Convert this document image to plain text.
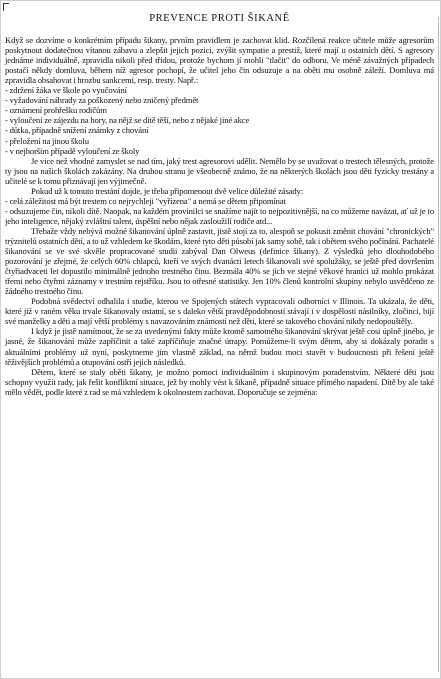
PREVENCE PROTI ŠIKANĚ

Když se dozvíme o konkrétním případu šikany, prvním pravidlem je zachovat klid. Rozčílená reakce učitele může agresorům poskytnout dodatečnou vítanou zábavu a zlepšit jejich pozici, zvýšit sympatie a prestiž, které mají u ostatních dětí. S agresory jednáme individuálně, zpravidla nikoli před třídou, protože bychom jí mohli "tlačit" do odboru. Ve méně závažných případech postačí někdy domluva, během níž agresor pochopí, že učitel jeho čin odsuzuje a na oběti mu osobně záleží. Domluva má zpravidla obsahovat i hrozbu sankcemi, resp. tresty. Např.:

- zdržení žáka ve škole po vyučování
- vyžadování náhrady za poškozený nebo zničený předmět
- oznámení prohřešku rodičům
- vyloučení ze zájezdu na hory, na nějž se dítě těší, nebo z nějaké jiné akce
- důtka, případně snížení známky z chování
- přeložení na jinou školu
- v nejhorším případě vyloučení ze školy

Je více než vhodné zamyslet se nad tím, jaký trest agresorovi udělit. Nemělo by se uvažovat o trestech tělesných, protože ty jsou na našich školách zakázány. Na druhou stranu je všeobecně známo, že na některých školách jsou děti fyzicky trestány a učitelé se k tomu přiznávají jen výjimečně.

Pokud už k tomuto trestání dojde, je třeba připomenout dvě velice důležité zásady:

- celá záležitost má být trestem co nejrychleji "vyřízena" a nemá se dětem připomínat

- odsuzujeme čin, nikoli dítě. Naopak, na každém provinilci se snažíme najít to nejpozitivnější, na co můžeme navázat, ať už je to jeho inteligence, nějaký zvláštní talent, úspěšní nebo nějak zasloužilí rodiče atd...

Třebaže vždy nebývá možné šikanování úplně zastavit, jistě stojí za to, alespoň se pokusit změnit chování "chronických" trýznitelů ostatních dětí, a to už vzhledem ke škodám, které tyto děti působí jak samy sobě, tak i obětem svého počínání. Pachatelé šikanování se ve své skvěle propracované studii zabýval Dan Olweus (definice šikany). Z výsledků jeho dlouhodobého pozorování je zřejmé, že celých 60% chlapců, kteří ve svých dvanácti letech šikanovali své spolužáky, se ještě před dovršením čtyřiadvaceti let dopustilo minimálně jednoho trestného činu. Bezmála 40% se jich ve stejné věkové hranici už mohlo prokázat třemi nebo čtyřmi záznamy v trestním rejstříku. Jsou to otřesné statistiky. Jen 10% členů kontrolní skupiny nebylo usvědčeno ze žádného trestného činu.

Podobná svědectví odhalila i studie, kterou ve Spojených státech vypracovali odborníci v Illinois. Ta ukázala, že děti, které již v raném věku trvale šikanovaly ostatní, se s daleko větší pravděpodobností stávají i v dospělosti násilníky, zločinci, bijí své manželky a děti a mají větší problémy s navazováním známostí než děti, které se takového chování nikdy nedopouštěly.

I když je jistě namítnout, že se za uvedenými fakty může kromě samotného šikanování skrývat ještě cosi úplně jiného, je jasné, že šikanování může zapříčinit a také zapříčiňuje značné útrapy. Pomůžeme-li svým dětem, aby si dokázaly poradit s aktuálními problémy už nyní, poskytneme jim vlastně základ, na němž budou moci stavět v budoucnosti při řešení ještě těživějších problémů a otupování ostří jejich následků.

Dětem, které se staly oběti šikany, je možno pomoci individuálním i skupinovým poradenstvím. Některé děti jsou schopny využít rady, jak řešit konfliktní situace, jež by mohly vést k šikaně, případně situace přímého napadení. Dítě by ale také mělo vědět, podle které z rad se má vzhledem k okolnostem zachovat. Doporučuje se zejména:
